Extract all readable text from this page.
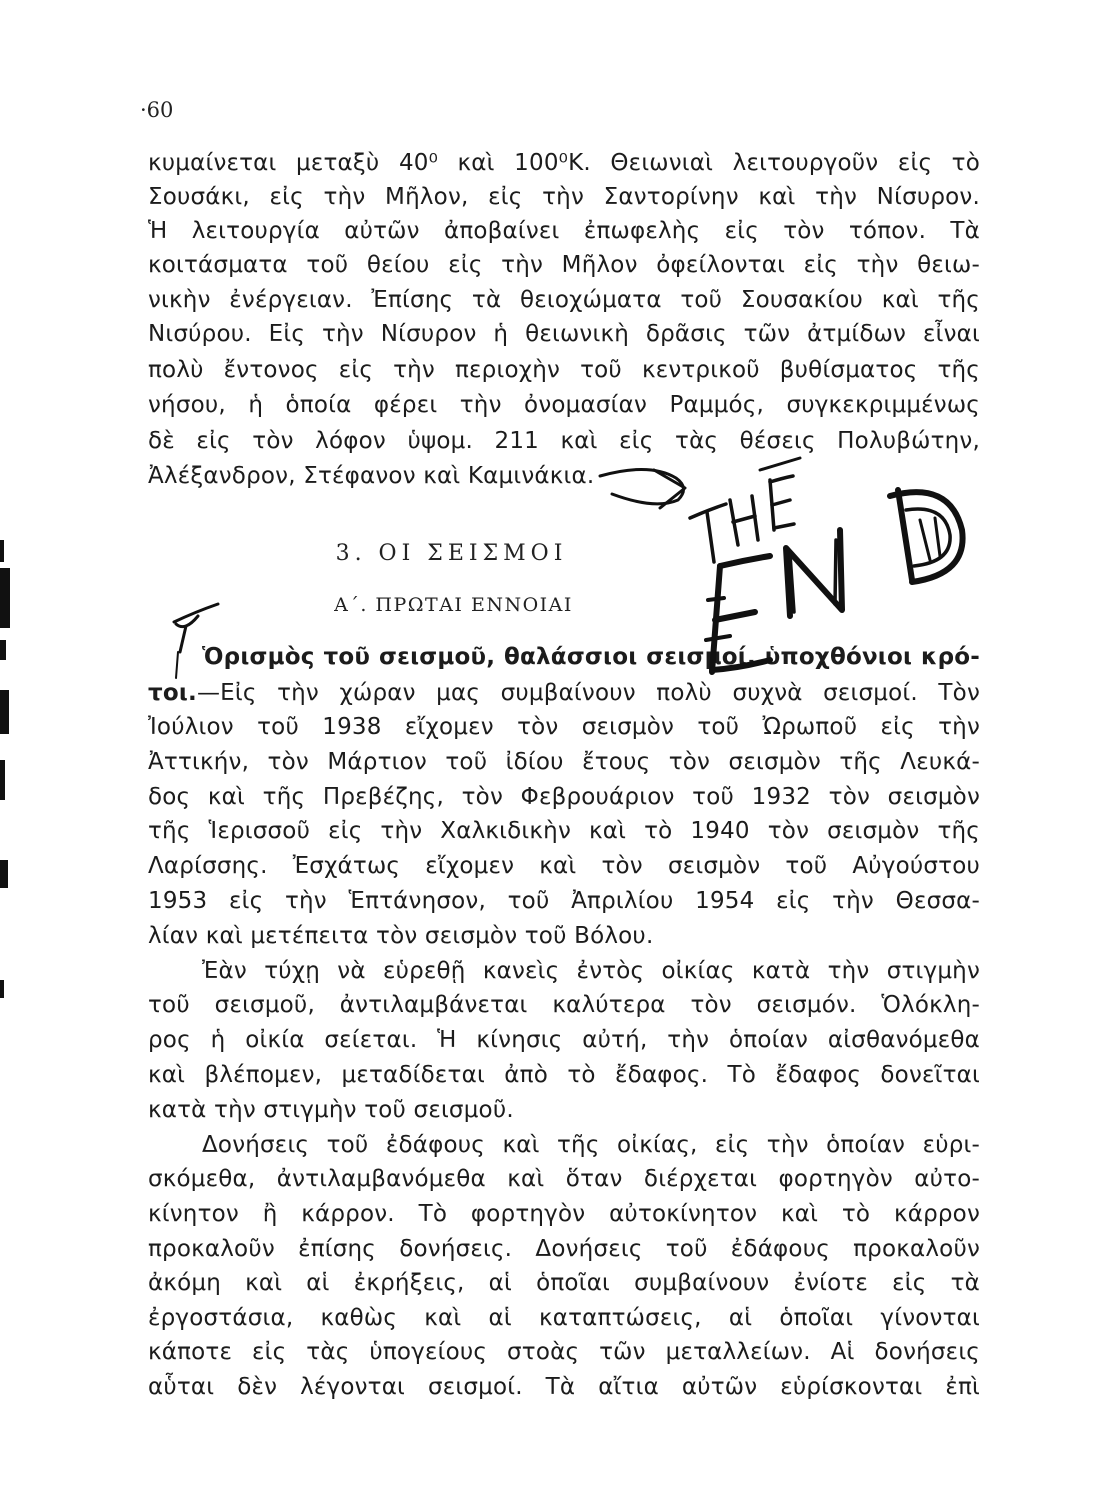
·60
κυμαίνεται μεταξὺ 40⁰ καὶ 100⁰K. Θειωνιαὶ λειτουργοῦν εἰς τὸ
Σουσάκι, εἰς τὴν Μῆλον, εἰς τὴν Σαντορίνην καὶ τὴν Νίσυρον.
Ἡ λειτουργία αὐτῶν ἀποβαίνει ἐπωφελὴς εἰς τὸν τόπον. Τὰ
κοιτάσματα τοῦ θείου εἰς τὴν Μῆλον ὀφείλονται εἰς τὴν θειω-
νικὴν ἐνέργειαν. Ἐπίσης τὰ θειοχώματα τοῦ Σουσακίου καὶ τῆς
Νισύρου. Εἰς τὴν Νίσυρον ἡ θειωνικὴ δρᾶσις τῶν ἀτμίδων εἶναι
πολὺ ἔντονος εἰς τὴν περιοχὴν τοῦ κεντρικοῦ βυθίσματος τῆς
νήσου, ἡ ὁποία φέρει τὴν ὀνομασίαν Ραμμός, συγκεκριμμένως
δὲ εἰς τὸν λόφον ὑψομ. 211 καὶ εἰς τὰς θέσεις Πολυβώτην,
Ἀλέξανδρον, Στέφανον καὶ Καμινάκια.
3. ΟΙ ΣΕΙΣΜΟΙ
Α΄. ΠΡΩΤΑΙ ΕΝΝΟΙΑΙ
Ὁρισμὸς τοῦ σεισμοῦ, θαλάσσιοι σεισμοί, ὑποχθόνιοι κρό-
τοι.—Εἰς τὴν χώραν μας συμβαίνουν πολὺ συχνὰ σεισμοί. Τὸν
Ἰούλιον τοῦ 1938 εἴχομεν τὸν σεισμὸν τοῦ Ὠρωποῦ εἰς τὴν
Ἀττικήν, τὸν Μάρτιον τοῦ ἰδίου ἔτους τὸν σεισμὸν τῆς Λευκά-
δος καὶ τῆς Πρεβέζης, τὸν Φεβρουάριον τοῦ 1932 τὸν σεισμὸν
τῆς Ἱερισσοῦ εἰς τὴν Χαλκιδικὴν καὶ τὸ 1940 τὸν σεισμὸν τῆς
Λαρίσσης. Ἐσχάτως εἴχομεν καὶ τὸν σεισμὸν τοῦ Αὐγούστου
1953 εἰς τὴν Ἑπτάνησον, τοῦ Ἀπριλίου 1954 εἰς τὴν Θεσσα-
λίαν καὶ μετέπειτα τὸν σεισμὸν τοῦ Βόλου.
Ἐὰν τύχῃ νὰ εὑρεθῇ κανεὶς ἐντὸς οἰκίας κατὰ τὴν στιγμὴν
τοῦ σεισμοῦ, ἀντιλαμβάνεται καλύτερα τὸν σεισμόν. Ὁλόκλη-
ρος ἡ οἰκία σείεται. Ἡ κίνησις αὐτή, τὴν ὁποίαν αἰσθανόμεθα
καὶ βλέπομεν, μεταδίδεται ἀπὸ τὸ ἔδαφος. Τὸ ἔδαφος δονεῖται
κατὰ τὴν στιγμὴν τοῦ σεισμοῦ.
Δονήσεις τοῦ ἐδάφους καὶ τῆς οἰκίας, εἰς τὴν ὁποίαν εὑρι-
σκόμεθα, ἀντιλαμβανόμεθα καὶ ὅταν διέρχεται φορτηγὸν αὐτο-
κίνητον ἢ κάρρον. Τὸ φορτηγὸν αὐτοκίνητον καὶ τὸ κάρρον
προκαλοῦν ἐπίσης δονήσεις. Δονήσεις τοῦ ἐδάφους προκαλοῦν
ἀκόμη καὶ αἱ ἐκρήξεις, αἱ ὁποῖαι συμβαίνουν ἐνίοτε εἰς τὰ
ἐργοστάσια, καθὼς καὶ αἱ καταπτώσεις, αἱ ὁποῖαι γίνονται
κάποτε εἰς τὰς ὑπογείους στοὰς τῶν μεταλλείων. Αἱ δονήσεις
αὗται δὲν λέγονται σεισμοί. Τὰ αἴτια αὐτῶν εὑρίσκονται ἐπὶ
